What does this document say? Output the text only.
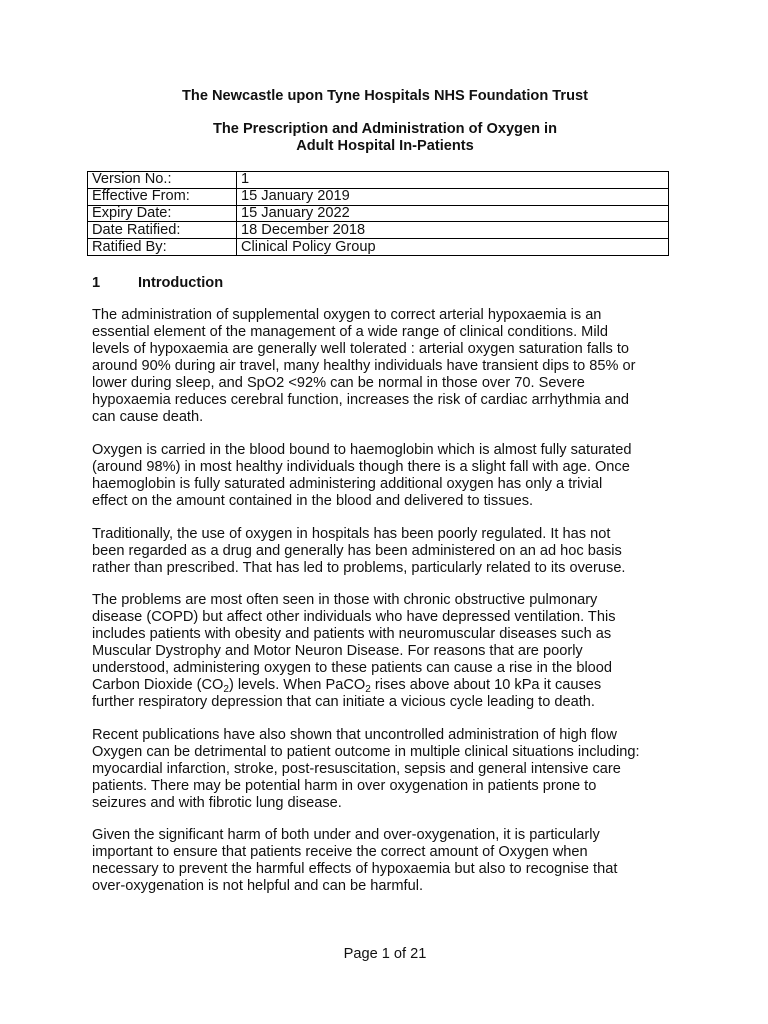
The Newcastle upon Tyne Hospitals NHS Foundation Trust
The Prescription and Administration of Oxygen in
Adult Hospital In-Patients
Version No.:	1
Effective From:	15 January 2019
Expiry Date:	15 January 2022
Date Ratified:	18 December 2018
Ratified By:	Clinical Policy Group
1	Introduction
The administration of supplemental oxygen to correct arterial hypoxaemia is an
essential element of the management of a wide range of clinical conditions. Mild
levels of hypoxaemia are generally well tolerated : arterial oxygen saturation falls to
around 90% during air travel, many healthy individuals have transient dips to 85% or
lower during sleep, and SpO2 <92% can be normal in those over 70. Severe
hypoxaemia reduces cerebral function, increases the risk of cardiac arrhythmia and
can cause death.
Oxygen is carried in the blood bound to haemoglobin which is almost fully saturated
(around 98%) in most healthy individuals though there is a slight fall with age. Once
haemoglobin is fully saturated administering additional oxygen has only a trivial
effect on the amount contained in the blood and delivered to tissues.
Traditionally, the use of oxygen in hospitals has been poorly regulated. It has not
been regarded as a drug and generally has been administered on an ad hoc basis
rather than prescribed. That has led to problems, particularly related to its overuse.
The problems are most often seen in those with chronic obstructive pulmonary
disease (COPD) but affect other individuals who have depressed ventilation. This
includes patients with obesity and patients with neuromuscular diseases such as
Muscular Dystrophy and Motor Neuron Disease. For reasons that are poorly
understood, administering oxygen to these patients can cause a rise in the blood
Carbon Dioxide $(CO_2)$ levels. When PaCO$_2$ rises above about 10 kPa it causes
further respiratory depression that can initiate a vicious cycle leading to death.
Recent publications have also shown that uncontrolled administration of high flow
Oxygen can be detrimental to patient outcome in multiple clinical situations including:
myocardial infarction, stroke, post-resuscitation, sepsis and general intensive care
patients. There may be potential harm in over oxygenation in patients prone to
seizures and with fibrotic lung disease.
Given the significant harm of both under and over-oxygenation, it is particularly
important to ensure that patients receive the correct amount of Oxygen when
necessary to prevent the harmful effects of hypoxaemia but also to recognise that
over-oxygenation is not helpful and can be harmful.
Page 1 of 21
